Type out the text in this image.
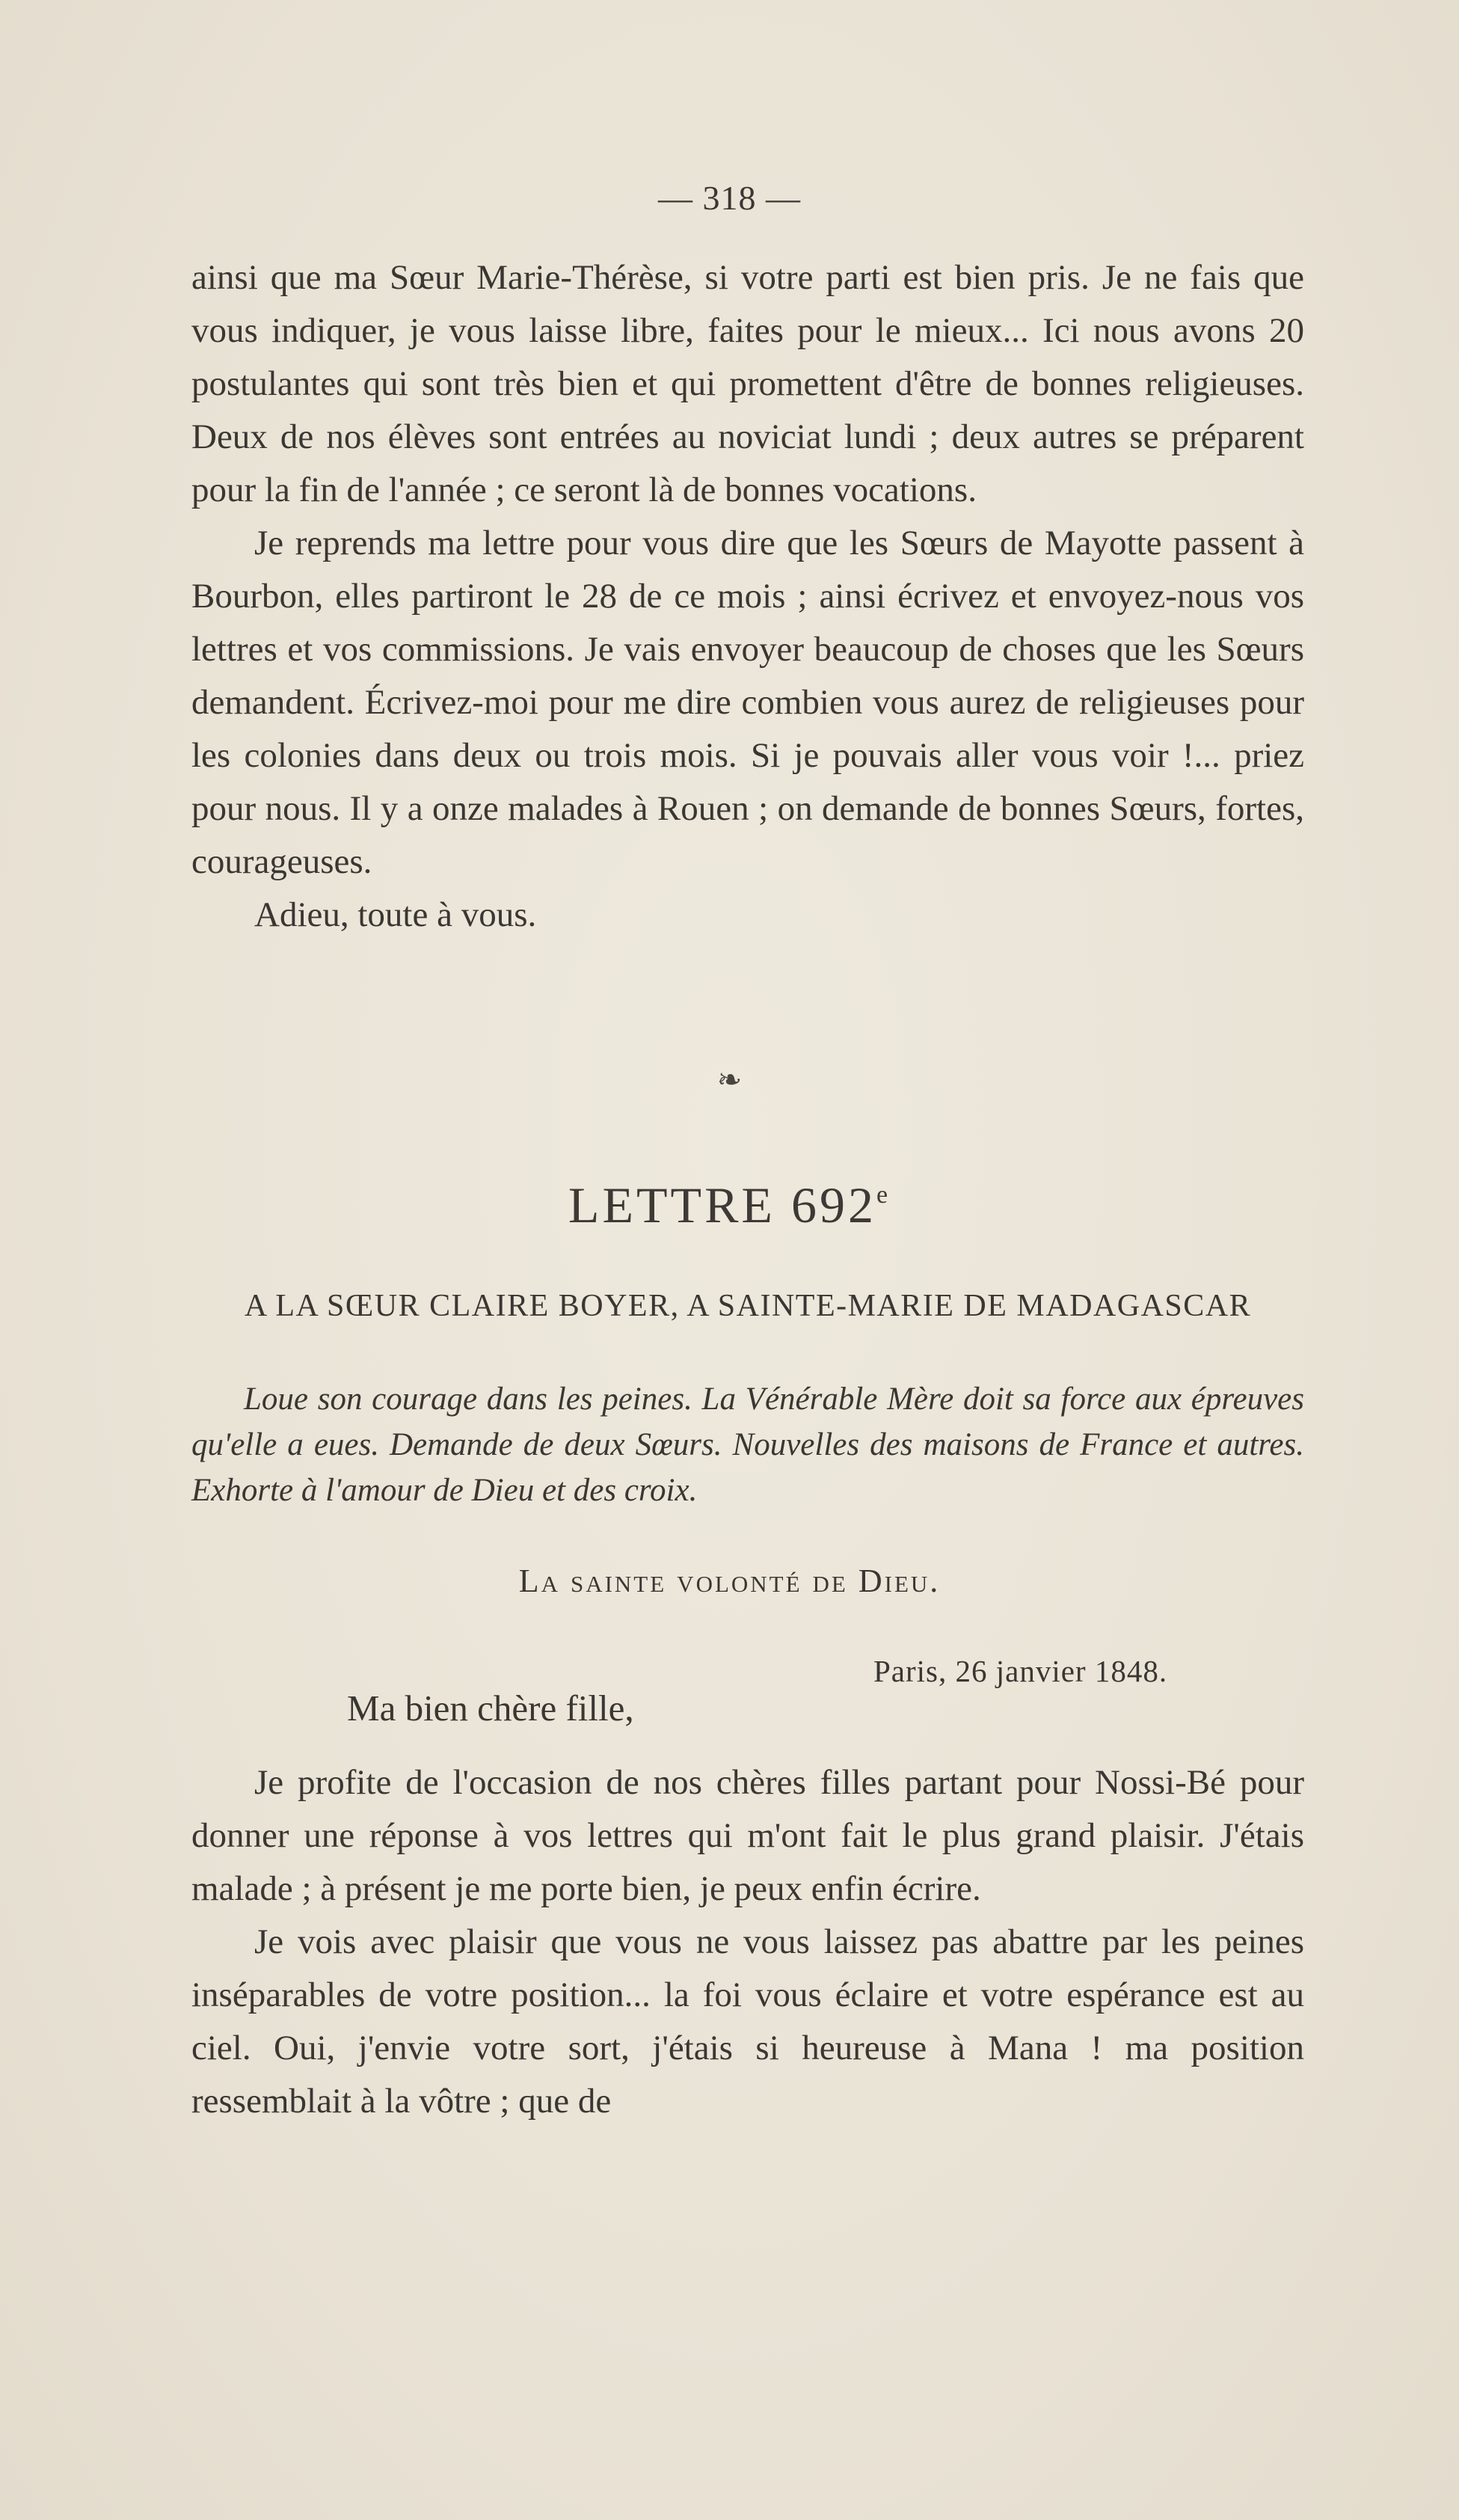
— 318 —

ainsi que ma Sœur Marie-Thérèse, si votre parti est bien pris. Je ne fais que vous indiquer, je vous laisse libre, faites pour le mieux... Ici nous avons 20 postulantes qui sont très bien et qui promettent d'être de bonnes religieuses. Deux de nos élèves sont entrées au noviciat lundi ; deux autres se préparent pour la fin de l'année ; ce seront là de bonnes vocations.

Je reprends ma lettre pour vous dire que les Sœurs de Mayotte passent à Bourbon, elles partiront le 28 de ce mois ; ainsi écrivez et envoyez-nous vos lettres et vos commissions. Je vais envoyer beaucoup de choses que les Sœurs demandent. Écrivez-moi pour me dire combien vous aurez de religieuses pour les colonies dans deux ou trois mois. Si je pouvais aller vous voir !... priez pour nous. Il y a onze malades à Rouen ; on demande de bonnes Sœurs, fortes, courageuses.

Adieu, toute à vous.

❧
LETTRE 692e
A LA SŒUR CLAIRE BOYER, A SAINTE-MARIE DE MADAGASCAR

Loue son courage dans les peines. La Vénérable Mère doit sa force aux épreuves qu'elle a eues. Demande de deux Sœurs. Nouvelles des maisons de France et autres. Exhorte à l'amour de Dieu et des croix.

La sainte volonté de Dieu.
Paris, 26 janvier 1848.
Ma bien chère fille,

Je profite de l'occasion de nos chères filles partant pour Nossi-Bé pour donner une réponse à vos lettres qui m'ont fait le plus grand plaisir. J'étais malade ; à présent je me porte bien, je peux enfin écrire.

Je vois avec plaisir que vous ne vous laissez pas abattre par les peines inséparables de votre position... la foi vous éclaire et votre espérance est au ciel. Oui, j'envie votre sort, j'étais si heureuse à Mana ! ma position ressemblait à la vôtre ; que de
